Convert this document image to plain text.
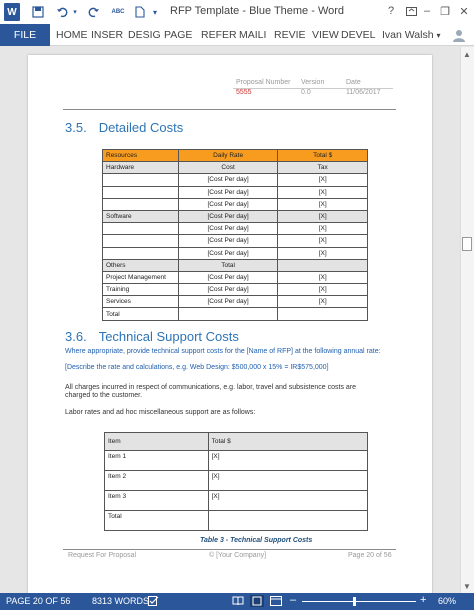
W	▾	ABC	▾ RFP Template - Blue Theme - Word	?	– ❐ ✕
FILE	HOME INSER DESIG PAGE REFER MAILI REVIE VIEW DEVEL Ivan Walsh ▾
Proposal Number Version	Date
5555	0.0	11/06/2017
3.5. Detailed Costs
Resources	Daily Rate	Total $
Hardware	Cost	Tax
	[Cost Per day]	[X]
	[Cost Per day]	[X]
	[Cost Per day]	[X]
Software	[Cost Per day]	[X]
	[Cost Per day]	[X]
	[Cost Per day]	[X]
	[Cost Per day]	[X]
Others	Total	
Project Management	[Cost Per day]	[X]
Training	[Cost Per day]	[X]
Services	[Cost Per day]	[X]
Total		
3.6. Technical Support Costs
Where appropriate, provide technical support costs for the [Name of RFP] at the following annual rate:
[Describe the rate and calculations, e.g. Web Design: $500,000 x 15% = IR$575,000]
All charges incurred in respect of communications, e.g. labor, travel and subsistence costs are
charged to the customer.
Labor rates and ad hoc miscellaneous support are as follows:
Item	Total $
Item 1	[X]
Item 2	[X]
Item 3	[X]
Total	
Table 3 - Technical Support Costs
Request For Proposal	© [Your Company]	Page 20 of 56
▲
▼
PAGE 20 OF 56 8313 WORDS	–	+ 60%
